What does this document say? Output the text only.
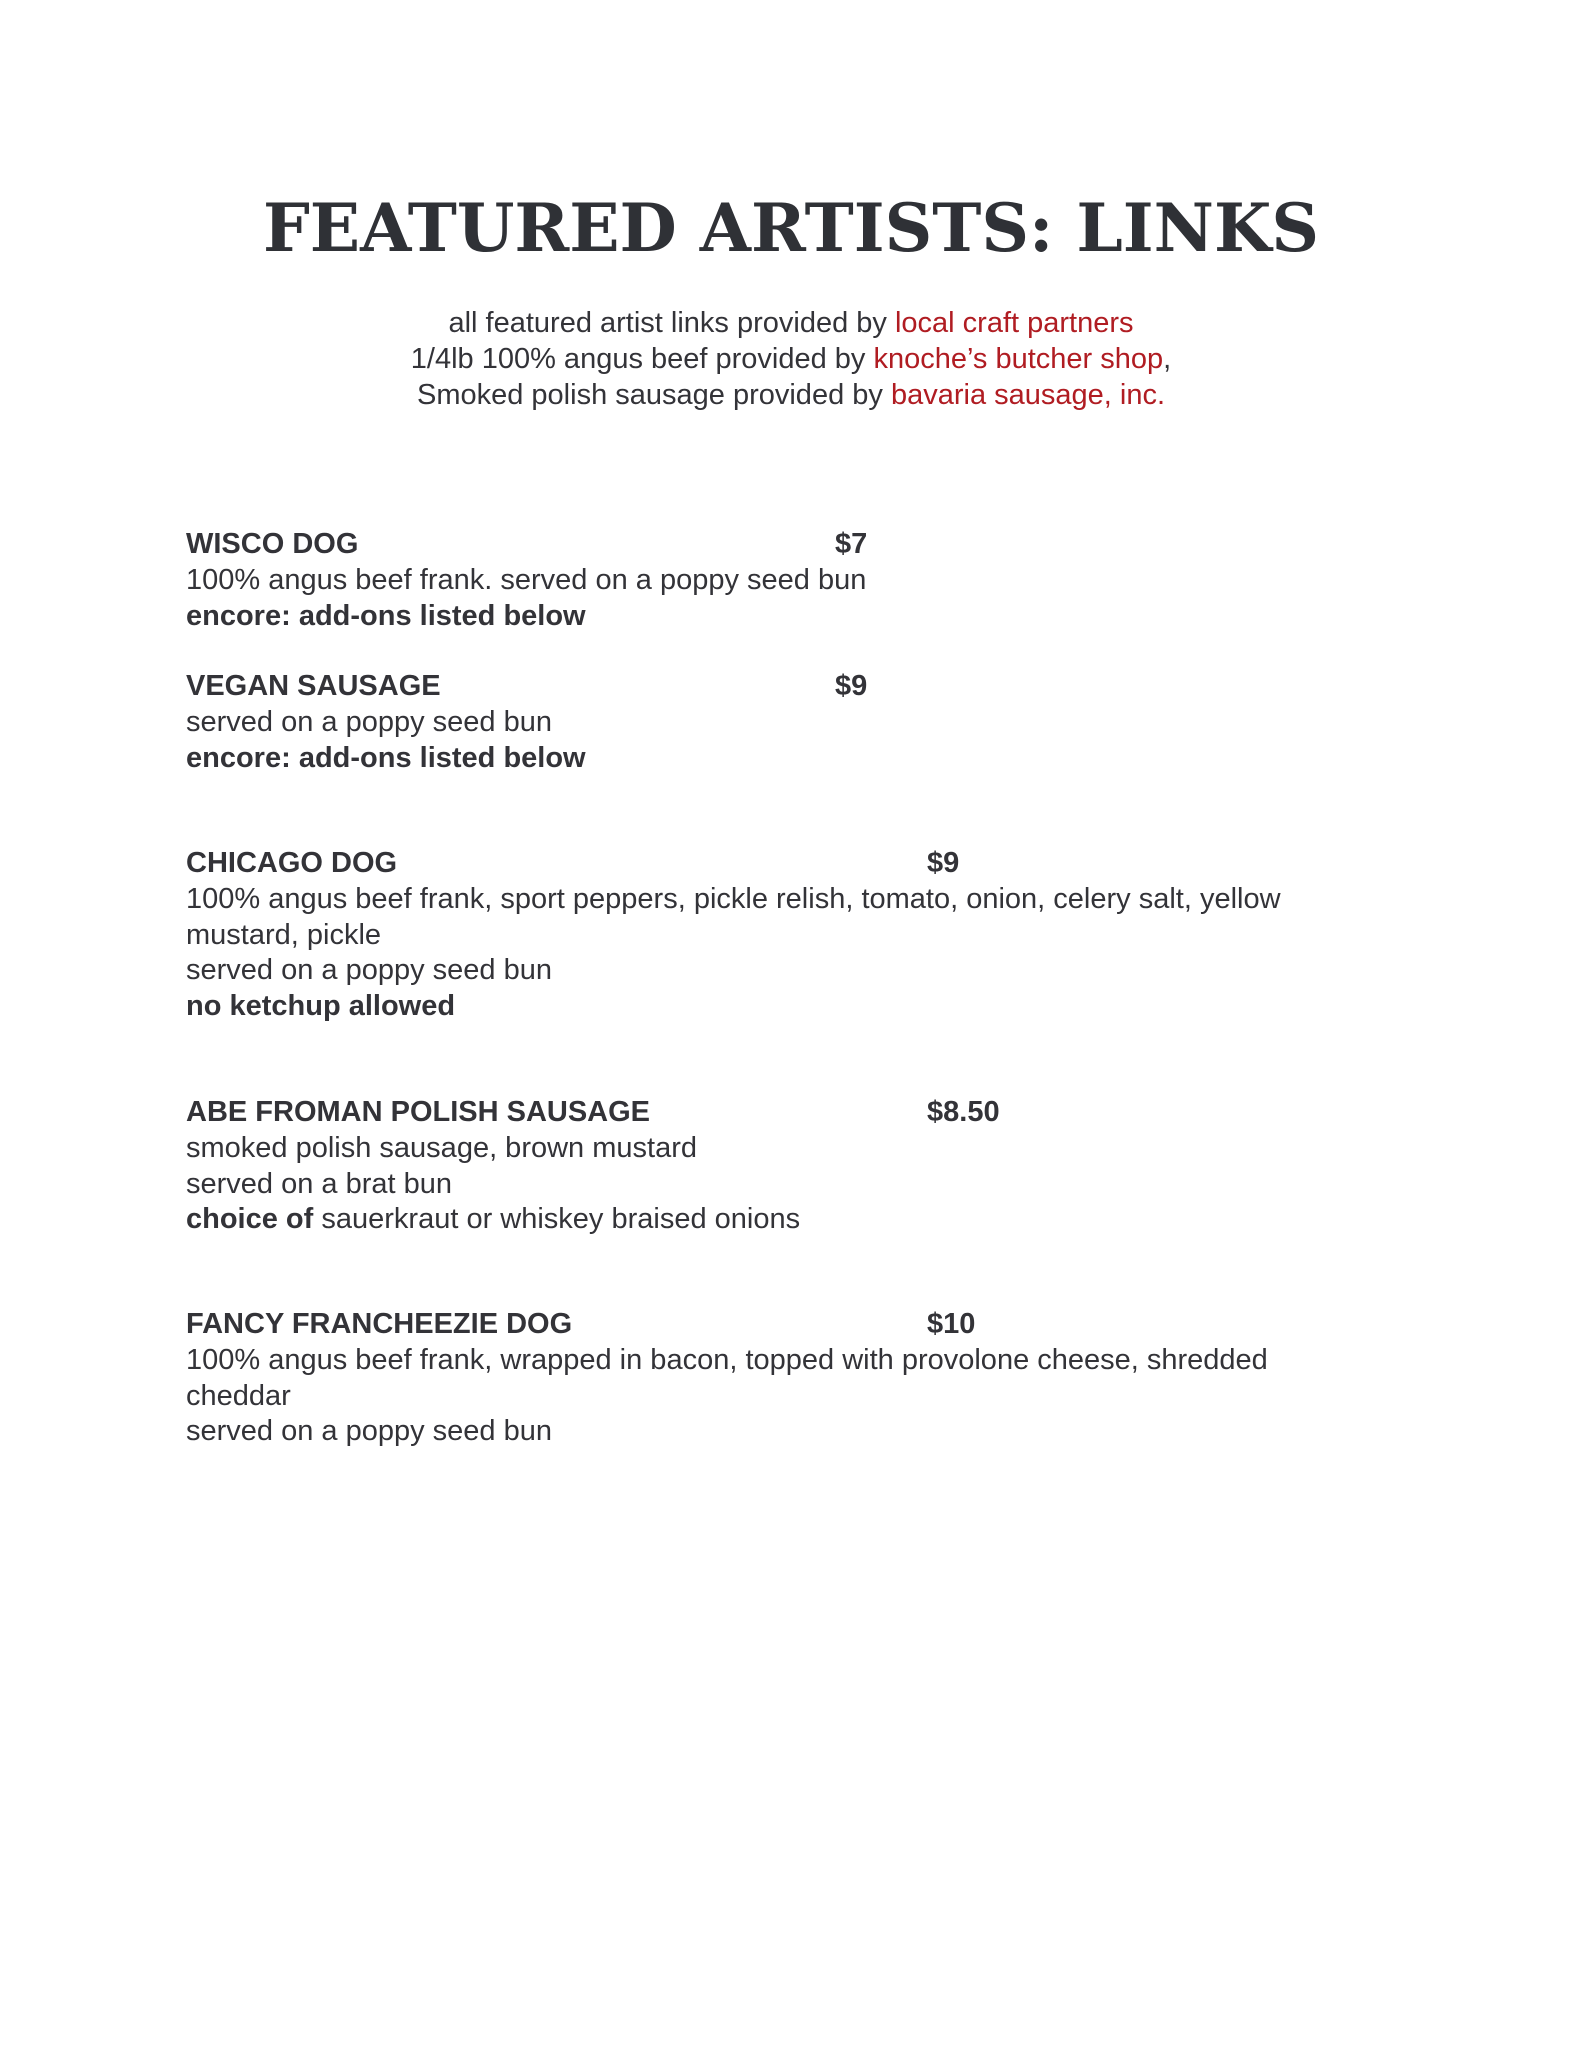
FEATURED ARTISTS: LINKS
all featured artist links provided by local craft partners
1/4lb 100% angus beef provided by knoche’s butcher shop,
Smoked polish sausage provided by bavaria sausage, inc.
WISCO DOG	$7
100% angus beef frank. served on a poppy seed bun
encore: add-ons listed below
VEGAN SAUSAGE	$9
served on a poppy seed bun
encore: add-ons listed below
CHICAGO DOG	$9
100% angus beef frank, sport peppers, pickle relish, tomato, onion, celery salt, yellow
mustard, pickle
served on a poppy seed bun
no ketchup allowed
ABE FROMAN POLISH SAUSAGE	$8.50
smoked polish sausage, brown mustard
served on a brat bun
choice of sauerkraut or whiskey braised onions
FANCY FRANCHEEZIE DOG	$10
100% angus beef frank, wrapped in bacon, topped with provolone cheese, shredded
cheddar
served on a poppy seed bun
